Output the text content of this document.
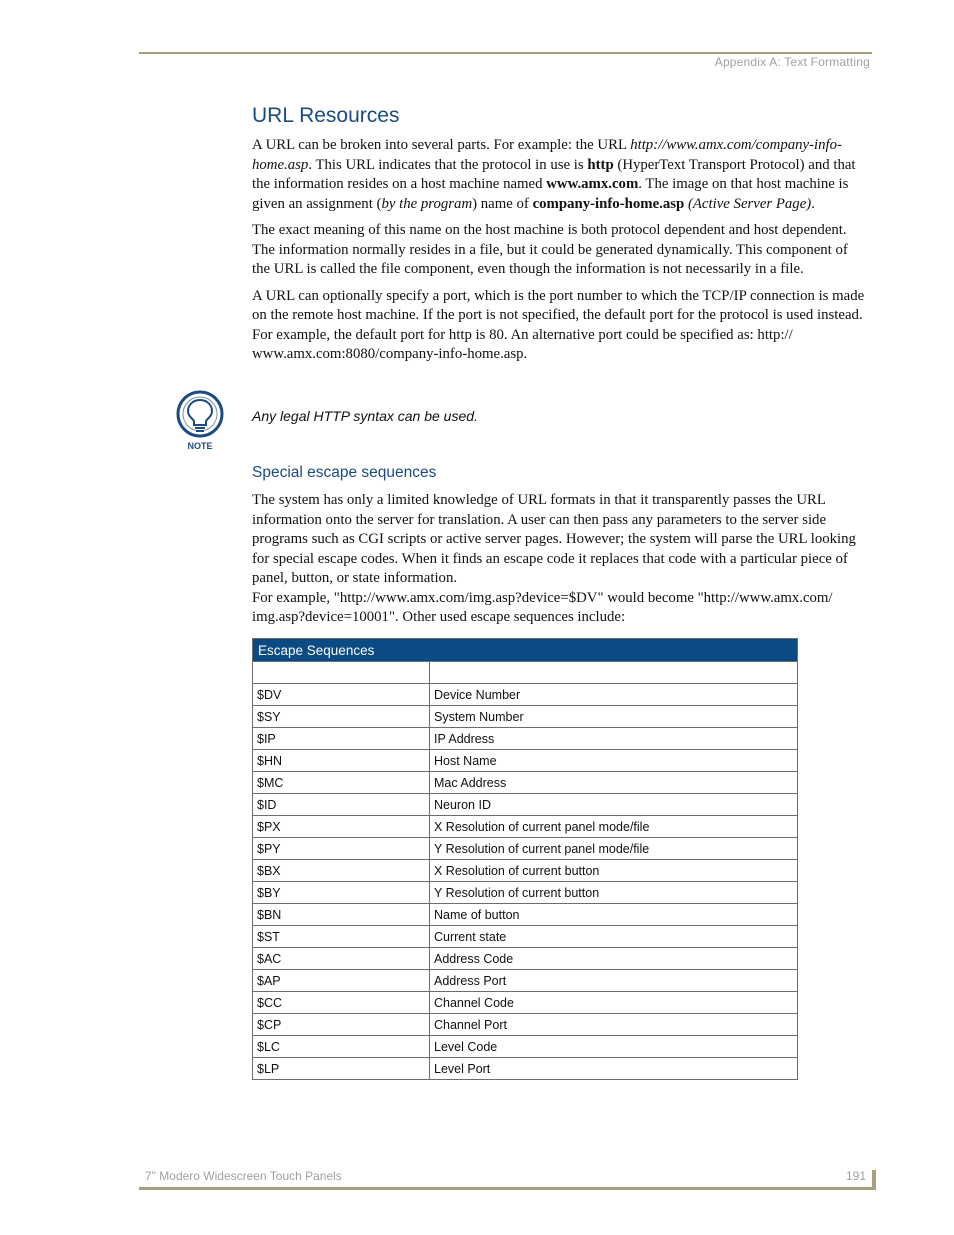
Appendix A: Text Formatting
URL Resources

A URL can be broken into several parts. For example: the URL http://www.amx.com/company-info-home.asp. This URL indicates that the protocol in use is http (HyperText Transport Protocol) and that the information resides on a host machine named www.amx.com. The image on that host machine is given an assignment (by the program) name of company-info-home.asp (Active Server Page).

The exact meaning of this name on the host machine is both protocol dependent and host dependent. The information normally resides in a file, but it could be generated dynamically. This component of the URL is called the file component, even though the information is not necessarily in a file.

A URL can optionally specify a port, which is the port number to which the TCP/IP connection is made on the remote host machine. If the port is not specified, the default port for the protocol is used instead. For example, the default port for http is 80. An alternative port could be specified as: http:// www.amx.com:8080/company-info-home.asp.

NOTE
Any legal HTTP syntax can be used.
Special escape sequences

The system has only a limited knowledge of URL formats in that it transparently passes the URL information onto the server for translation. A user can then pass any parameters to the server side programs such as CGI scripts or active server pages. However; the system will parse the URL looking for special escape codes. When it finds an escape code it replaces that code with a particular piece of panel, button, or state information.

For example, "http://www.amx.com/img.asp?device=$DV" would become "http://www.amx.com/ img.asp?device=10001". Other used escape sequences include:

Escape Sequences	

$DV	Device Number
$SY	System Number
$IP	IP Address
$HN	Host Name
$MC	Mac Address
$ID	Neuron ID
$PX	X Resolution of current panel mode/file
$PY	Y Resolution of current panel mode/file
$BX	X Resolution of current button
$BY	Y Resolution of current button
$BN	Name of button
$ST	Current state
$AC	Address Code
$AP	Address Port
$CC	Channel Code
$CP	Channel Port
$LC	Level Code
$LP	Level Port
7" Modero Widescreen Touch Panels	191
